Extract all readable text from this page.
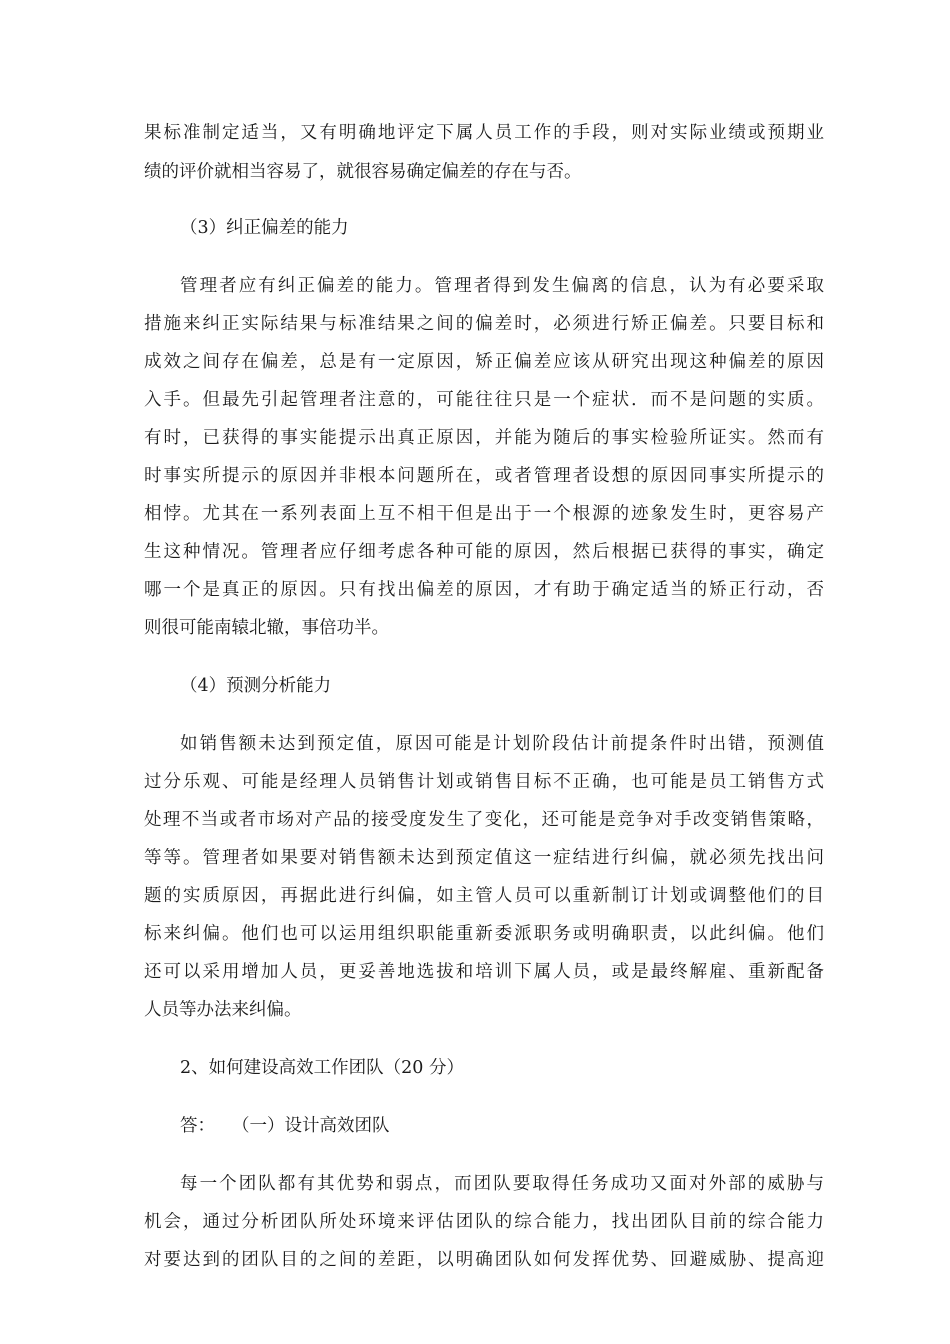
果标准制定适当，又有明确地评定下属人员工作的手段，则对实际业绩或预期业
绩的评价就相当容易了，就很容易确定偏差的存在与否。
（3）纠正偏差的能力
管理者应有纠正偏差的能力。管理者得到发生偏离的信息，认为有必要采取
措施来纠正实际结果与标准结果之间的偏差时，必须进行矫正偏差。只要目标和
成效之间存在偏差，总是有一定原因，矫正偏差应该从研究出现这种偏差的原因
入手。但最先引起管理者注意的，可能往往只是一个症状．而不是问题的实质。
有时，已获得的事实能提示出真正原因，并能为随后的事实检验所证实。然而有
时事实所提示的原因并非根本问题所在，或者管理者设想的原因同事实所提示的
相悖。尤其在一系列表面上互不相干但是出于一个根源的迹象发生时，更容易产
生这种情况。管理者应仔细考虑各种可能的原因，然后根据已获得的事实，确定
哪一个是真正的原因。只有找出偏差的原因，才有助于确定适当的矫正行动，否
则很可能南辕北辙，事倍功半。
（4）预测分析能力
如销售额未达到预定值，原因可能是计划阶段估计前提条件时出错，预测值
过分乐观、可能是经理人员销售计划或销售目标不正确，也可能是员工销售方式
处理不当或者市场对产品的接受度发生了变化，还可能是竞争对手改变销售策略，
等等。管理者如果要对销售额未达到预定值这一症结进行纠偏，就必须先找出问
题的实质原因，再据此进行纠偏，如主管人员可以重新制订计划或调整他们的目
标来纠偏。他们也可以运用组织职能重新委派职务或明确职责，以此纠偏。他们
还可以采用增加人员，更妥善地选拔和培训下属人员，或是最终解雇、重新配备
人员等办法来纠偏。
2、如何建设高效工作团队（20 分）
答： （一）设计高效团队
每一个团队都有其优势和弱点，而团队要取得任务成功又面对外部的威胁与
机会，通过分析团队所处环境来评估团队的综合能力，找出团队目前的综合能力
对要达到的团队目的之间的差距，以明确团队如何发挥优势、回避威胁、提高迎
